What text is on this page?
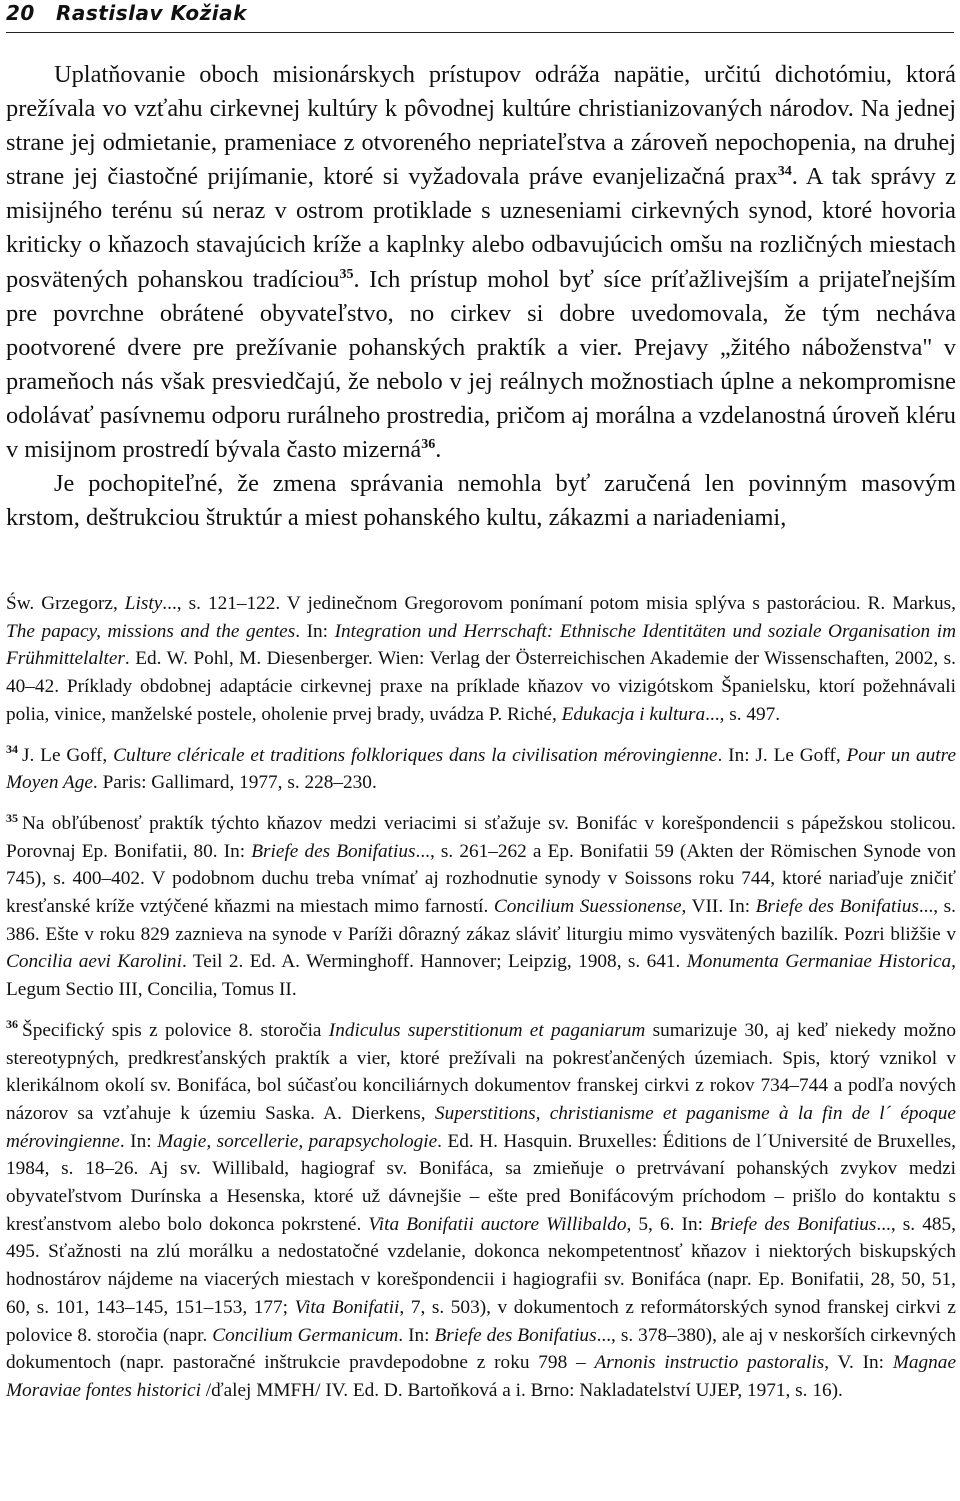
20 Rastislav Kožiak

Uplatňovanie oboch misionárskych prístupov odráža napätie, určitú dichotómiu, ktorá prežívala vo vzťahu cirkevnej kultúry k pôvodnej kultúre christianizovaných národov. Na jednej strane jej odmietanie, prameniace z otvoreného nepriateľstva a zároveň nepochopenia, na druhej strane jej čiastočné prijímanie, ktoré si vyžadovala práve evanjelizačná prax$^{34}$. A tak správy z misijného terénu sú neraz v ostrom protiklade s uzneseniami cirkevných synod, ktoré hovoria kriticky o kňazoch stavajúcich kríže a kaplnky alebo odbavujúcich omšu na rozličných miestach posvätených pohanskou tradíciou$^{35}$. Ich prístup mohol byť síce príťažlivejším a prijateľnejším pre povrchne obrátené obyvateľstvo, no cirkev si dobre uvedomovala, že tým necháva pootvorené dvere pre prežívanie pohanských praktík a vier. Prejavy „žitého náboženstva" v prameňoch nás však presviedčajú, že nebolo v jej reálnych možnostiach úplne a nekompromisne odolávať pasívnemu odporu rurálneho prostredia, pričom aj morálna a vzdelanostná úroveň kléru v misijnom prostredí bývala často mizerná$^{36}$.

Je pochopiteľné, že zmena správania nemohla byť zaručená len povinným masovým krstom, deštrukciou štruktúr a miest pohanského kultu, zákazmi a nariadeniami,

Św. Grzegorz, Listy..., s. 121–122. V jedinečnom Gregorovom ponímaní potom misia splýva s pastoráciou. R. Markus, The papacy, missions and the gentes. In: Integration und Herrschaft: Ethnische Identitäten und soziale Organisation im Frühmittelalter. Ed. W. Pohl, M. Diesenberger. Wien: Verlag der Österreichischen Akademie der Wissenschaften, 2002, s. 40–42. Príklady obdobnej adaptácie cirkevnej praxe na príklade kňazov vo vizigótskom Španielsku, ktorí požehnávali polia, vinice, manželské postele, oholenie prvej brady, uvádza P. Riché, Edukacja i kultura..., s. 497.

$^{34}$ J. Le Goff, Culture cléricale et traditions folkloriques dans la civilisation mérovingienne. In: J. Le Goff, Pour un autre Moyen Age. Paris: Gallimard, 1977, s. 228–230.

$^{35}$ Na obľúbenosť praktík týchto kňazov medzi veriacimi si sťažuje sv. Bonifác v korešpondencii s pápežskou stolicou. Porovnaj Ep. Bonifatii, 80. In: Briefe des Bonifatius..., s. 261–262 a Ep. Bonifatii 59 (Akten der Römischen Synode von 745), s. 400–402. V podobnom duchu treba vnímať aj rozhodnutie synody v Soissons roku 744, ktoré nariaďuje zničiť kresťanské kríže vztýčené kňazmi na miestach mimo farností. Concilium Suessionense, VII. In: Briefe des Bonifatius..., s. 386. Ešte v roku 829 zaznieva na synode v Paríži dôrazný zákaz sláviť liturgiu mimo vysvätených bazilík. Pozri bližšie v Concilia aevi Karolini. Teil 2. Ed. A. Werminghoff. Hannover; Leipzig, 1908, s. 641. Monumenta Germaniae Historica, Legum Sectio III, Concilia, Tomus II.

$^{36}$ Špecifický spis z polovice 8. storočia Indiculus superstitionum et paganiarum sumarizuje 30, aj keď niekedy možno stereotypných, predkresťanských praktík a vier, ktoré prežívali na pokresťančených územiach. Spis, ktorý vznikol v klerikálnom okolí sv. Bonifáca, bol súčasťou konciliárnych dokumentov franskej cirkvi z rokov 734–744 a podľa nových názorov sa vzťahuje k územiu Saska. A. Dierkens, Superstitions, christianisme et paganisme à la fin de l´ époque mérovingienne. In: Magie, sorcellerie, parapsychologie. Ed. H. Hasquin. Bruxelles: Éditions de l´Université de Bruxelles, 1984, s. 18–26. Aj sv. Willibald, hagiograf sv. Bonifáca, sa zmieňuje o pretrvávaní pohanských zvykov medzi obyvateľstvom Durínska a Hesenska, ktoré už dávnejšie – ešte pred Bonifácovým príchodom – prišlo do kontaktu s kresťanstvom alebo bolo dokonca pokrstené. Vita Bonifatii auctore Willibaldo, 5, 6. In: Briefe des Bonifatius..., s. 485, 495. Sťažnosti na zlú morálku a nedostatočné vzdelanie, dokonca nekompetentnosť kňazov i niektorých biskupských hodnostárov nájdeme na viacerých miestach v korešpondencii i hagiografii sv. Bonifáca (napr. Ep. Bonifatii, 28, 50, 51, 60, s. 101, 143–145, 151–153, 177; Vita Bonifatii, 7, s. 503), v dokumentoch z reformátorských synod franskej cirkvi z polovice 8. storočia (napr. Concilium Germanicum. In: Briefe des Bonifatius..., s. 378–380), ale aj v neskorších cirkevných dokumentoch (napr. pastoračné inštrukcie pravdepodobne z roku 798 – Arnonis instructio pastoralis, V. In: Magnae Moraviae fontes historici /ďalej MMFH/ IV. Ed. D. Bartoňková a i. Brno: Nakladatelství UJEP, 1971, s. 16).
